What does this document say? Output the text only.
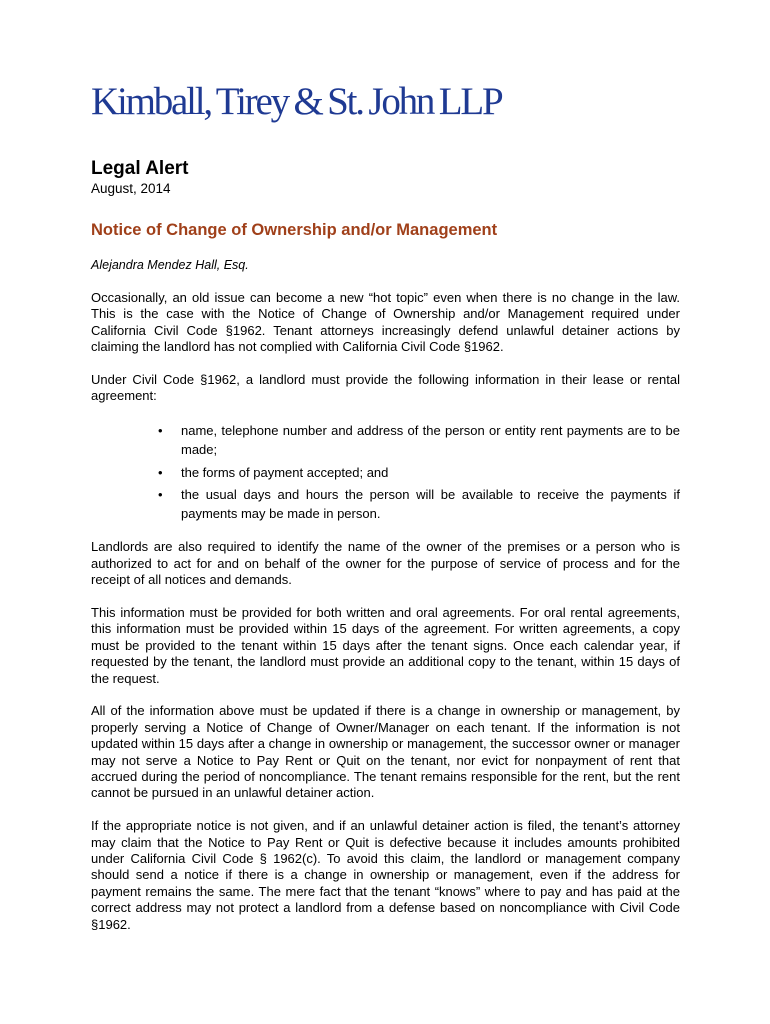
Kimball, Tirey & St. John LLP
Legal Alert
August, 2014
Notice of Change of Ownership and/or Management
Alejandra Mendez Hall, Esq.

Occasionally, an old issue can become a new “hot topic” even when there is no change in the law. This is the case with the Notice of Change of Ownership and/or Management required under California Civil Code §1962. Tenant attorneys increasingly defend unlawful detainer actions by claiming the landlord has not complied with California Civil Code §1962.

Under Civil Code §1962, a landlord must provide the following information in their lease or rental agreement:

• name, telephone number and address of the person or entity rent payments are to be made;
• the forms of payment accepted; and
• the usual days and hours the person will be available to receive the payments if payments may be made in person.

Landlords are also required to identify the name of the owner of the premises or a person who is authorized to act for and on behalf of the owner for the purpose of service of process and for the receipt of all notices and demands.

This information must be provided for both written and oral agreements. For oral rental agreements, this information must be provided within 15 days of the agreement. For written agreements, a copy must be provided to the tenant within 15 days after the tenant signs. Once each calendar year, if requested by the tenant, the landlord must provide an additional copy to the tenant, within 15 days of the request.

All of the information above must be updated if there is a change in ownership or management, by properly serving a Notice of Change of Owner/Manager on each tenant. If the information is not updated within 15 days after a change in ownership or management, the successor owner or manager may not serve a Notice to Pay Rent or Quit on the tenant, nor evict for nonpayment of rent that accrued during the period of noncompliance. The tenant remains responsible for the rent, but the rent cannot be pursued in an unlawful detainer action.

If the appropriate notice is not given, and if an unlawful detainer action is filed, the tenant’s attorney may claim that the Notice to Pay Rent or Quit is defective because it includes amounts prohibited under California Civil Code § 1962(c). To avoid this claim, the landlord or management company should send a notice if there is a change in ownership or management, even if the address for payment remains the same. The mere fact that the tenant “knows” where to pay and has paid at the correct address may not protect a landlord from a defense based on noncompliance with Civil Code §1962.
